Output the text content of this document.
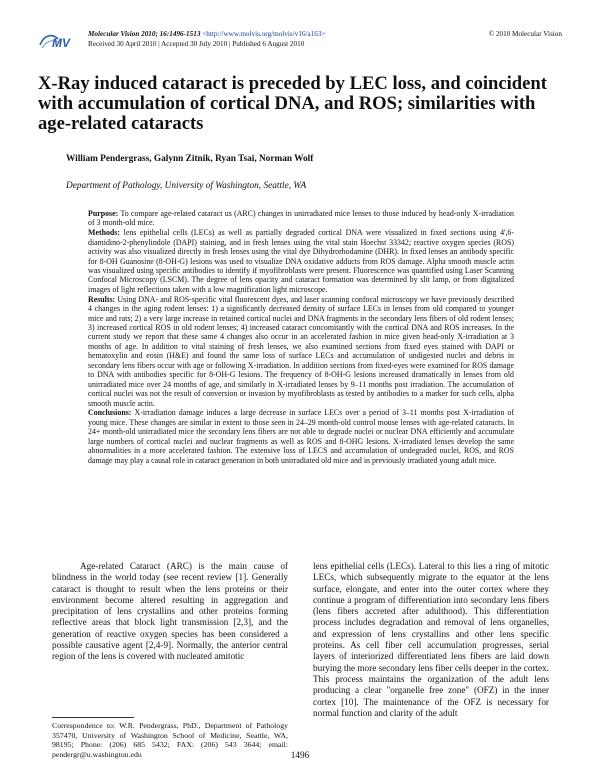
MV
Molecular Vision 2010; 16:1496-1513 <http://www.molvis.org/molvis/v16/a163>
Received 30 April 2010 | Accepted 30 July 2010 | Published 6 August 2010
© 2010 Molecular Vision
X-Ray induced cataract is preceded by LEC loss, and coincident with accumulation of cortical DNA, and ROS; similarities with age-related cataracts
William Pendergrass, Galynn Zitnik, Ryan Tsai, Norman Wolf
Department of Pathology, University of Washington, Seattle, WA

Purpose: To compare age-related cataract us (ARC) changes in unirradiated mice lenses to those induced by head-only X-irradiation of 3 month-old mice.

Methods: lens epithelial cells (LECs) as well as partially degraded cortical DNA were visualized in fixed sections using 4',6-diamidino-2-phenylindole (DAPI) staining, and in fresh lenses using the vital stain Hoechst 33342; reactive oxygen species (ROS) activity was also visualized directly in fresh lenses using the vital dye Dihydrorhodamine (DHR). In fixed lenses an antibody specific for 8-OH Guanosine (8-OH-G) lesions was used to visualize DNA oxidative adducts from ROS damage. Alpha smooth muscle actin was visualized using specific antibodies to identify if myofibroblasts were present. Fluorescence was quantified using Laser Scanning Confocal Microscopy (LSCM). The degree of lens opacity and cataract formation was determined by slit lamp, or from digitalized images of light reflections taken with a low magnification light microscope.

Results: Using DNA- and ROS-specific vital fluorescent dyes, and laser scanning confocal microscopy we have previously described 4 changes in the aging rodent lenses: 1) a significantly decreased density of surface LECs in lenses from old compared to younger mice and rats; 2) a very large increase in retained cortical nuclei and DNA fragments in the secondary lens fibers of old rodent lenses; 3) increased cortical ROS in old rodent lenses; 4) increased cataract concomitantly with the cortical DNA and ROS increases. In the current study we report that these same 4 changes also occur in an accelerated fashion in mice given head-only X-irradiation at 3 months of age. In addition to vital staining of fresh lenses, we also examined sections from fixed eyes stained with DAPI or hematoxylin and eosin (H&E) and found the same loss of surface LECs and accumulation of undigested nuclei and debris in secondary lens fibers occur with age or following X-irradiation. In addition sections from fixed-eyes were examined for ROS damage to DNA with antibodies specific for 8-OH-G lesions. The frequency of 8-OH-G lesions increased dramatically in lenses from old unirradiated mice over 24 months of age, and similarly in X-irradiated lenses by 9–11 months post irradiation. The accumulation of cortical nuclei was not the result of conversion or invasion by myofibroblasts as tested by antibodies to a marker for such cells, alpha smooth muscle actin.

Conclusions: X-irradiation damage induces a large decrease in surface LECs over a period of 3–11 months post X-irradiation of young mice. These changes are similar in extent to those seen in 24–29 month-old control mouse lenses with age-related cataracts. In 24+ month-old unirradiated mice the secondary lens fibers are not able to degrade nuclei or nuclear DNA efficiently and accumulate large numbers of cortical nuclei and nuclear fragments as well as ROS and 8-OHG lesions. X-irradiated lenses develop the same abnormalities in a more accelerated fashion. The extensive loss of LECS and accumulation of undegraded nuclei, ROS, and ROS damage may play a causal role in cataract generation in both unirradiated old mice and in previously irradiated young adult mice.

Age-related Cataract (ARC) is the main cause of blindness in the world today (see recent review [1]. Generally cataract is thought to result when the lens proteins or their environment become altered resulting in aggregation and precipitation of lens crystallins and other proteins forming reflective areas that block light transmission [2,3], and the generation of reactive oxygen species has been considered a possible causative agent [2,4-9]. Normally, the anterior central region of the lens is covered with nucleated amitotic

lens epithelial cells (LECs). Lateral to this lies a ring of mitotic LECs, which subsequently migrate to the equator at the lens surface, elongate, and enter into the outer cortex where they continue a program of differentiation into secondary lens fibers (lens fibers accreted after adulthood). This differentiation process includes degradation and removal of lens organelles, and expression of lens crystallins and other lens specific proteins. As cell fiber cell accumulation progresses, serial layers of interiorized differentiated lens fibers are laid down burying the more secondary lens fiber cells deeper in the cortex. This process maintains the organization of the adult lens producing a clear "organelle free zone" (OFZ) in the inner cortex [10]. The maintenance of the OFZ is necessary for normal function and clarity of the adult

Correspondence to: W.R. Pendergrass, PhD., Department of Pathology 357470, University of Washington School of Medicine, Seattle, WA, 98195; Phone: (206) 685 5432; FAX: (206) 543 3644; email: pendergr@u.washington.edu	1496
